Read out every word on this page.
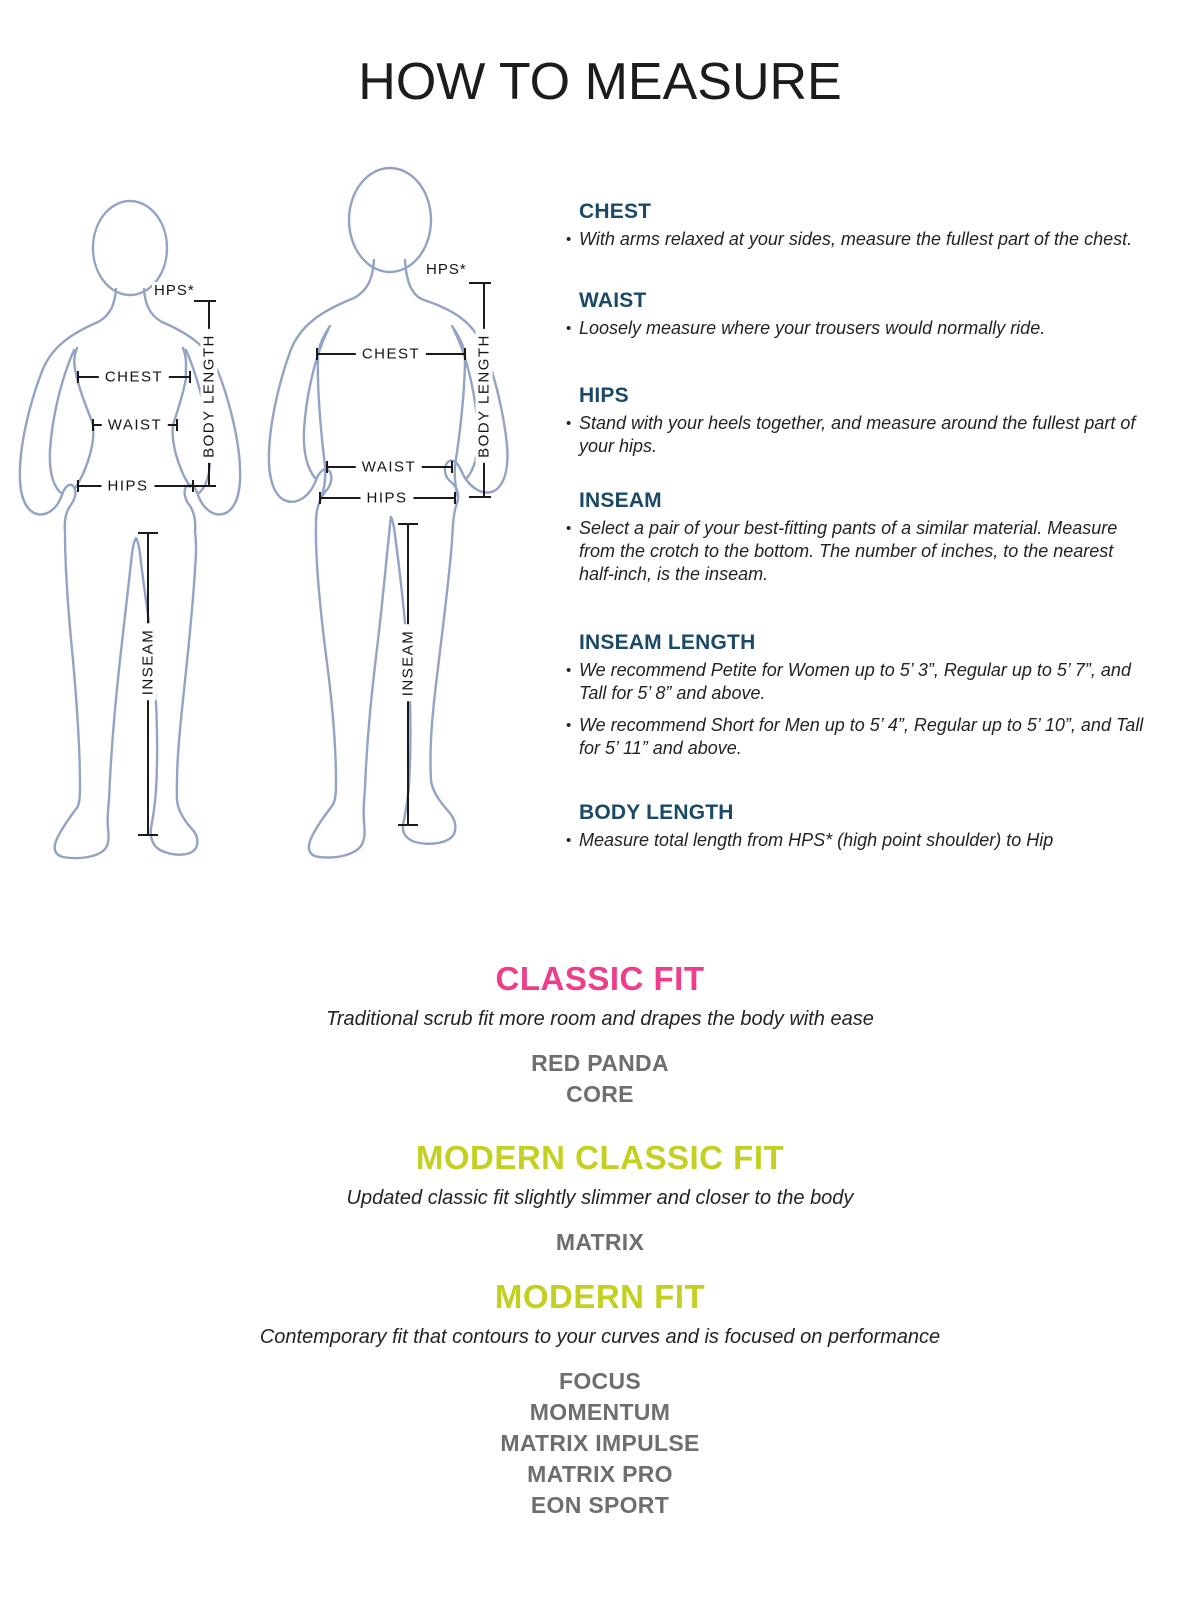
HOW TO MEASURE
HPS*
BODY LENGTH
CHEST
WAIST
HIPS
INSEAM
HPS*
BODY LENGTH
CHEST
WAIST
HIPS
INSEAM
CHEST
• With arms relaxed at your sides, measure the fullest part of the chest.
WAIST
• Loosely measure where your trousers would normally ride.
HIPS
• Stand with your heels together, and measure around the fullest part of your hips.
INSEAM
• Select a pair of your best-fitting pants of a similar material. Measure from the crotch to the bottom. The number of inches, to the nearest half-inch, is the inseam.
INSEAM LENGTH
• We recommend Petite for Women up to 5’ 3”, Regular up to 5’ 7”, and Tall for 5’ 8” and above.
• We recommend Short for Men up to 5’ 4”, Regular up to 5’ 10”, and Tall for 5’ 11” and above.
BODY LENGTH
• Measure total length from HPS* (high point shoulder) to Hip
CLASSIC FIT

Traditional scrub fit more room and drapes the body with ease

RED PANDA
CORE
MODERN CLASSIC FIT

Updated classic fit slightly slimmer and closer to the body

MATRIX
MODERN FIT

Contemporary fit that contours to your curves and is focused on performance

FOCUS
MOMENTUM
MATRIX IMPULSE
MATRIX PRO
EON SPORT
